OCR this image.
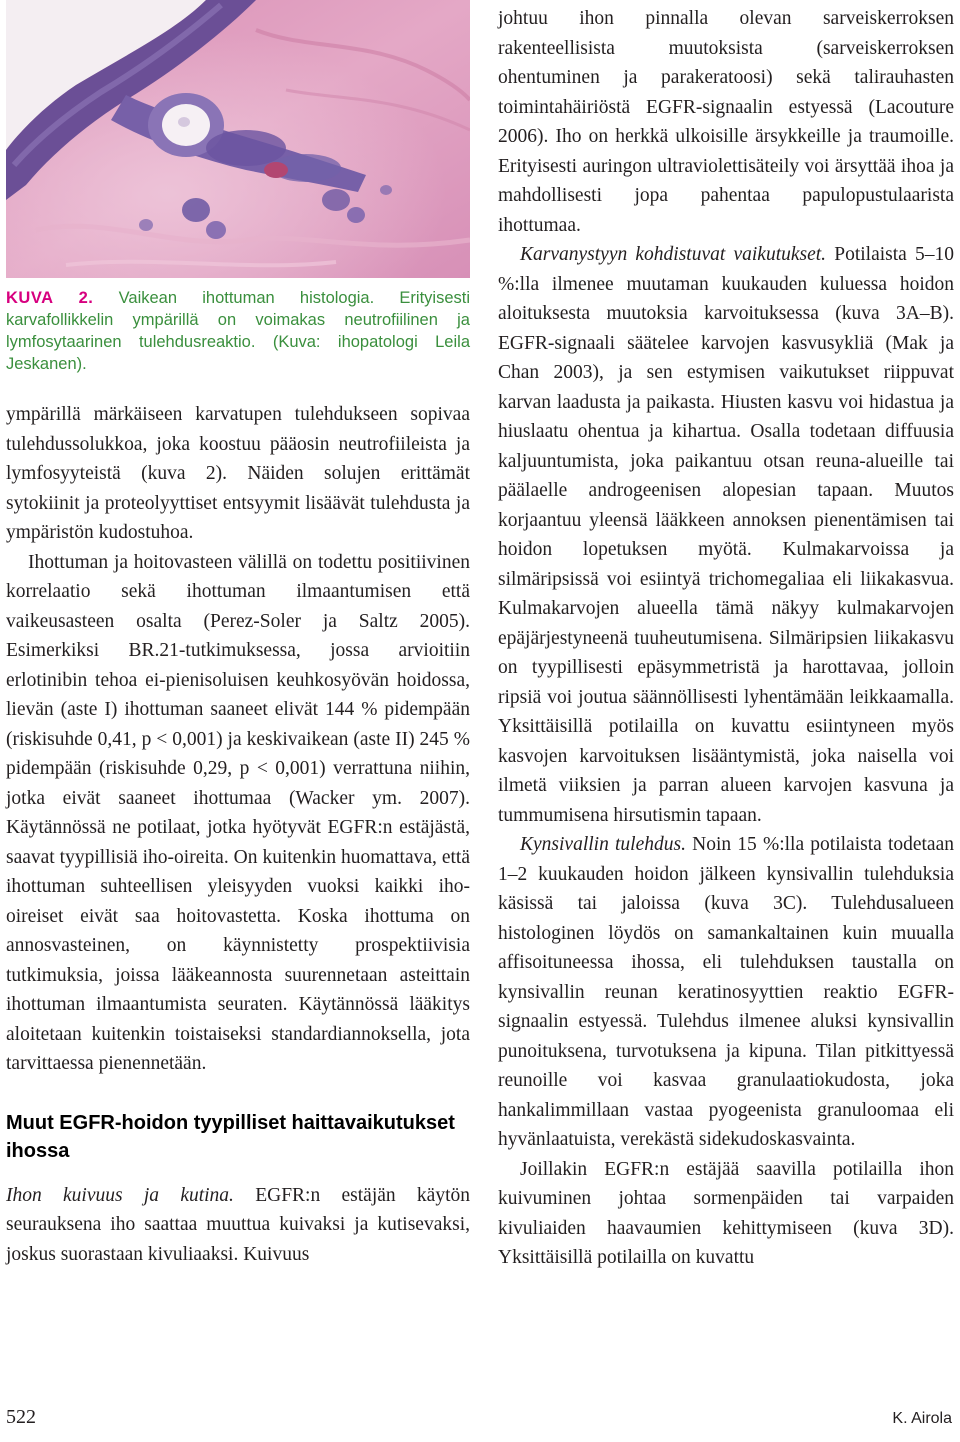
KUVA 2. Vaikean ihottuman histologia. Erityisesti karvafollikkelin ympärillä on voimakas neutrofiilinen ja lymfosytaarinen tulehdusreaktio. (Kuva: ihopatologi Leila Jeskanen).

ympärillä märkäiseen karvatupen tulehdukseen sopivaa tulehdussolukkoa, joka koostuu pääosin neutrofiileista ja lymfosyyteistä (kuva 2). Näiden solujen erittämät sytokiinit ja proteolyyttiset entsyymit lisäävät tulehdusta ja ympäristön kudostuhoa.

Ihottuman ja hoitovasteen välillä on todettu positiivinen korrelaatio sekä ihottuman ilmaantumisen että vaikeusasteen osalta (Perez-Soler ja Saltz 2005). Esimerkiksi BR.21-tutkimuksessa, jossa arvioitiin erlotinibin tehoa ei-pienisoluisen keuhkosyövän hoidossa, lievän (aste I) ihottuman saaneet elivät 144 % pidempään (riskisuhde 0,41, p < 0,001) ja keskivaikean (aste II) 245 % pidempään (riskisuhde 0,29, p < 0,001) verrattuna niihin, jotka eivät saaneet ihottumaa (Wacker ym. 2007). Käytännössä ne potilaat, jotka hyötyvät EGFR:n estäjästä, saavat tyypillisiä iho-oireita. On kuitenkin huomattava, että ihottuman suhteellisen yleisyyden vuoksi kaikki iho-oireiset eivät saa hoitovastetta. Koska ihottuma on annosvasteinen, on käynnistetty prospektiivisia tutkimuksia, joissa lääkeannosta suurennetaan asteittain ihottuman ilmaantumista seuraten. Käytännössä lääkitys aloitetaan kuitenkin toistaiseksi standardiannoksella, jota tarvittaessa pienennetään.

Muut EGFR-hoidon tyypilliset haittavaikutukset ihossa

Ihon kuivuus ja kutina. EGFR:n estäjän käytön seurauksena iho saattaa muuttua kuivaksi ja kutisevaksi, joskus suorastaan kivuliaaksi. Kuivuus

johtuu ihon pinnalla olevan sarveiskerroksen rakenteellisista muutoksista (sarveiskerroksen ohentuminen ja parakeratoosi) sekä talirauhasten toimintahäiriöstä EGFR-signaalin estyessä (Lacouture 2006). Iho on herkkä ulkoisille ärsykkeille ja traumoille. Erityisesti auringon ultraviolettisäteily voi ärsyttää ihoa ja mahdollisesti jopa pahentaa papulopustulaarista ihottumaa.

Karvanystyyn kohdistuvat vaikutukset. Potilaista 5–10 %:lla ilmenee muutaman kuukauden kuluessa hoidon aloituksesta muutoksia karvoituksessa (kuva 3A–B). EGFR-signaali säätelee karvojen kasvusykliä (Mak ja Chan 2003), ja sen estymisen vaikutukset riippuvat karvan laadusta ja paikasta. Hiusten kasvu voi hidastua ja hiuslaatu ohentua ja kihartua. Osalla todetaan diffuusia kaljuuntumista, joka paikantuu otsan reuna-alueille tai päälaelle androgeenisen alopesian tapaan. Muutos korjaantuu yleensä lääkkeen annoksen pienentämisen tai hoidon lopetuksen myötä. Kulmakarvoissa ja silmäripsissä voi esiintyä trichomegaliaa eli liikakasvua. Kulmakarvojen alueella tämä näkyy kulmakarvojen epäjärjestyneenä tuuheutumisena. Silmäripsien liikakasvu on tyypillisesti epäsymmetristä ja harottavaa, jolloin ripsiä voi joutua säännöllisesti lyhentämään leikkaamalla. Yksittäisillä potilailla on kuvattu esiintyneen myös kasvojen karvoituksen lisääntymistä, joka naisella voi ilmetä viiksien ja parran alueen karvojen kasvuna ja tummumisena hirsutismin tapaan.

Kynsivallin tulehdus. Noin 15 %:lla potilaista todetaan 1–2 kuukauden hoidon jälkeen kynsivallin tulehduksia käsissä tai jaloissa (kuva 3C). Tulehdusalueen histologinen löydös on samankaltainen kuin muualla affisoituneessa ihossa, eli tulehduksen taustalla on kynsivallin reunan keratinosyyttien reaktio EGFR-signaalin estyessä. Tulehdus ilmenee aluksi kynsivallin punoituksena, turvotuksena ja kipuna. Tilan pitkittyessä reunoille voi kasvaa granulaatiokudosta, joka hankalimmillaan vastaa pyogeenista granuloomaa eli hyvänlaatuista, verekästä sidekudoskasvainta.

Joillakin EGFR:n estäjää saavilla potilailla ihon kuivuminen johtaa sormenpäiden tai varpaiden kivuliaiden haavaumien kehittymiseen (kuva 3D). Yksittäisillä potilailla on kuvattu

522	K. Airola
